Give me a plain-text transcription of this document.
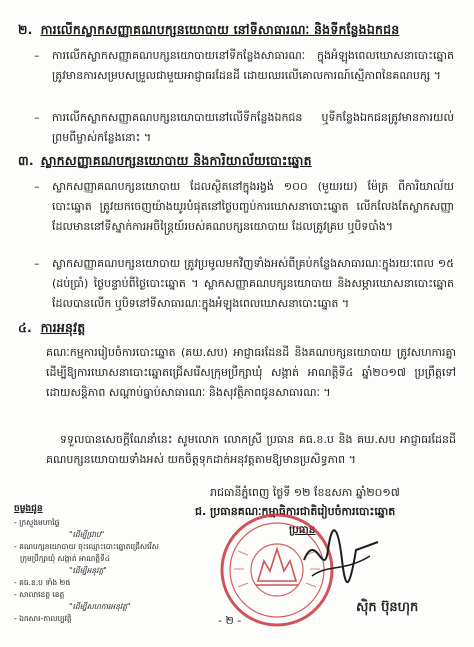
២. ការលើកស្លាកសញ្ញាគណបក្សនយោបាយ នៅទីសាធារណៈ និងទីកន្លែងឯកជន
– ការលើកស្លាកសញ្ញាគណបក្សនយោបាយនៅទីកន្លែងសាធារណៈ ក្នុងអំឡុងពេលឃោសនាបោះឆ្នោត ត្រូវមានការសម្របសម្រួលជាមួយអាជ្ញាធរដែនដី ដោយឈរលើគោលការណ៍ស្មើភាពនៃគណបក្ស ។
– ការលើកស្លាកសញ្ញាគណបក្សនយោបាយនៅលើទីកន្លែងឯកជន ឬទីកន្លែងឯកជនត្រូវមានការយល់ព្រមពីម្ចាស់កន្លែងនោះ ។
៣. ស្លាកសញ្ញាគណបក្សនយោបាយ និងការិយាល័យបោះឆ្នោត
– ស្លាកសញ្ញាគណបក្សនយោបាយ ដែលស្ថិតនៅក្នុងរង្វង់ ១០០ (មួយរយ) ម៉ែត្រ ពីការិយាល័យបោះឆ្នោត ត្រូវយកចេញយ៉ាងយូរបំផុតនៅថ្ងៃបញ្ចប់ការឃោសនាបោះឆ្នោត លើកលែងតែស្លាកសញ្ញាដែលមាននៅទីស្នាក់ការអចិន្ត្រៃយ៍របស់គណបក្សនយោបាយ ដែលត្រូវគ្រប ឬបិទបាំង។
– ស្លាកសញ្ញាគណបក្សនយោបាយ ត្រូវប្រមូលមកវិញទាំងអស់ពីគ្រប់កន្លែងសាធារណៈក្នុងរយៈពេល ១៥ (ដប់ប្រាំ) ថ្ងៃបន្ទាប់ពីថ្ងៃបោះឆ្នោត ។ ស្លាកសញ្ញាគណបក្សនយោបាយ និងសម្ភារឃោសនាបោះឆ្នោត ដែលបានលើក ឬបិទនៅទីសាធារណៈក្នុងអំឡុងពេលឃោសនាបោះឆ្នោត ។
៤. ការអនុវត្ត
គណៈកម្មការរៀបចំការបោះឆ្នោត (គឃ.សប) អាជ្ញាធរដែនដី និងគណបក្សនយោបាយ ត្រូវសហការគ្នាដើម្បីឱ្យការឃោសនាបោះឆ្នោតជ្រើសរើសក្រុមប្រឹក្សាឃុំ សង្កាត់ អាណត្តិទី៤ ឆ្នាំ២០១៧ ប្រព្រឹត្តទៅដោយសន្តិភាព សណ្តាប់ធ្នាប់សាធារណៈ និងសុវត្ថិភាពជូនសាធារណៈ ។
ទទួលបានសេចក្តីណែនាំនេះ សូមលោក លោកស្រី ប្រធាន គធ.ខ.ប និង គឃ.សប អាជ្ញាធរដែនដី គណបក្សនយោបាយទាំងអស់ យកចិត្តទុកដាក់អនុវត្តតាមឱ្យមានប្រសិទ្ធភាព ។
រាជធានីភ្នំពេញ ថ្ងៃទី ១២ ខែឧសភា ឆ្នាំ២០១៧
ជ. ប្រធានគណៈកម្មាធិការជាតិរៀបចំការបោះឆ្នោត
ប្រធាន
ស៊ិក ប៊ុនហុក
ចម្លងជូន
- ក្រសួងមហាផ្ទៃ
"ដើម្បីជ្រាប"
- គណបក្សនយោបាយ ចុះឈ្មោះបោះឆ្នោតជ្រើសរើស
ក្រុមប្រឹក្សាឃុំ សង្កាត់ អាណត្តិទី៤
"ដើម្បីអនុវត្ត"
- គធ.ខ.ប ទាំង ២៥
- សាលាខេត្ត ខេត្ត
"ដើម្បីសហការអនុវត្ត"
- ឯកសារ-កាលប្បវត្តិ	- ២ -
